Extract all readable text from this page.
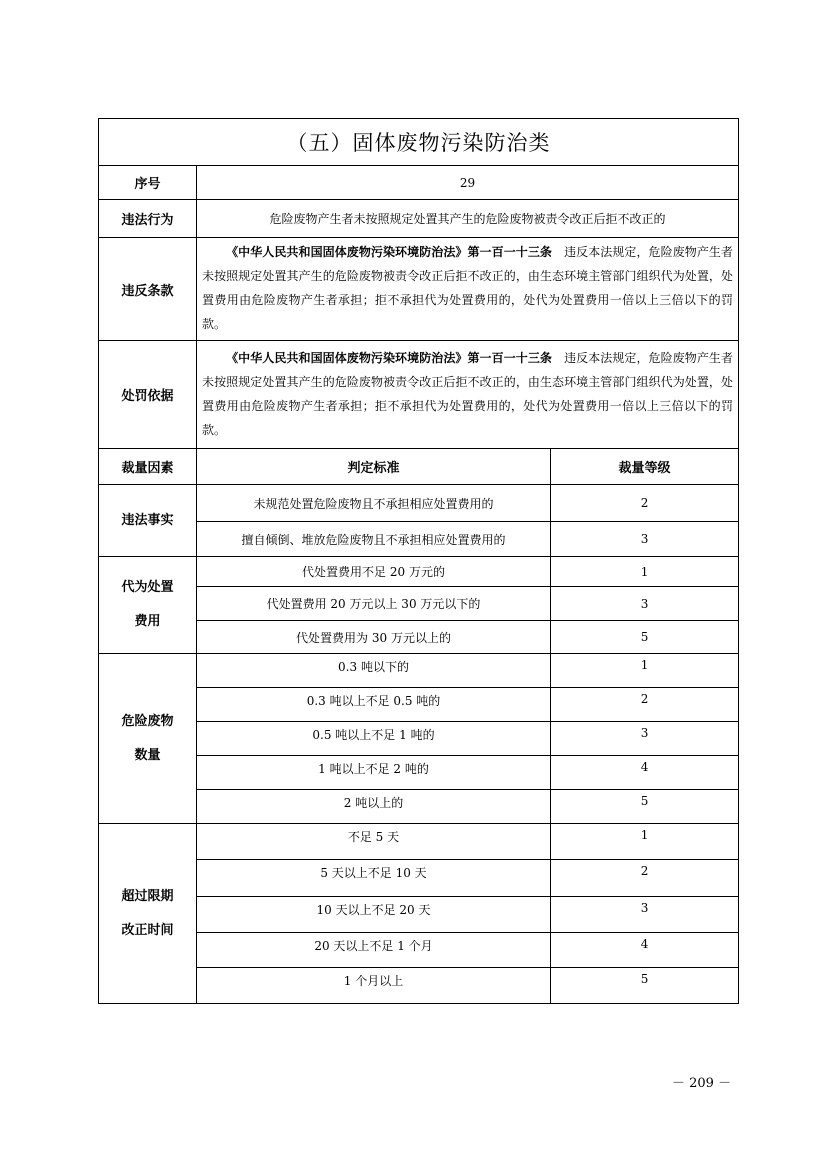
（五）固体废物污染防治类		
序号	29	
违法行为	危险废物产生者未按照规定处置其产生的危险废物被责令改正后拒不改正的	
违反条款	《中华人民共和国固体废物污染环境防治法》第一百一十三条　 违反本法规定，危险废物产生者未按照规定处置其产生的危险废物被责令改正后拒不改正的，由生态环境主管部门组织代为处置，处置费用由危险废物产生者承担；拒不承担代为处置费用的，处代为处置费用一倍以上三倍以下的罚款。	
处罚依据	《中华人民共和国固体废物污染环境防治法》第一百一十三条　 违反本法规定，危险废物产生者未按照规定处置其产生的危险废物被责令改正后拒不改正的，由生态环境主管部门组织代为处置，处置费用由危险废物产生者承担；拒不承担代为处置费用的，处代为处置费用一倍以上三倍以下的罚款。	
裁量因素	判定标准	裁量等级

违法事实	未规范处置危险废物且不承担相应处置费用的	2
	擅自倾倒、堆放危险废物且不承担相应处置费用的	3

代为处置
费用	代处置费用不足 20 万元的	1
	代处置费用 20 万元以上 30 万元以下的	3
	代处置费用为 30 万元以上的	5

危险废物
数量	0.3 吨以下的	1
	0.3 吨以上不足 0.5 吨的	2
	0.5 吨以上不足 1 吨的	3
	1 吨以上不足 2 吨的	4
	2 吨以上的	5

超过限期
改正时间	不足 5 天	1
	5 天以上不足 10 天	2
	10 天以上不足 20 天	3
	20 天以上不足 1 个月	4
	1 个月以上	5
－ 209 －
